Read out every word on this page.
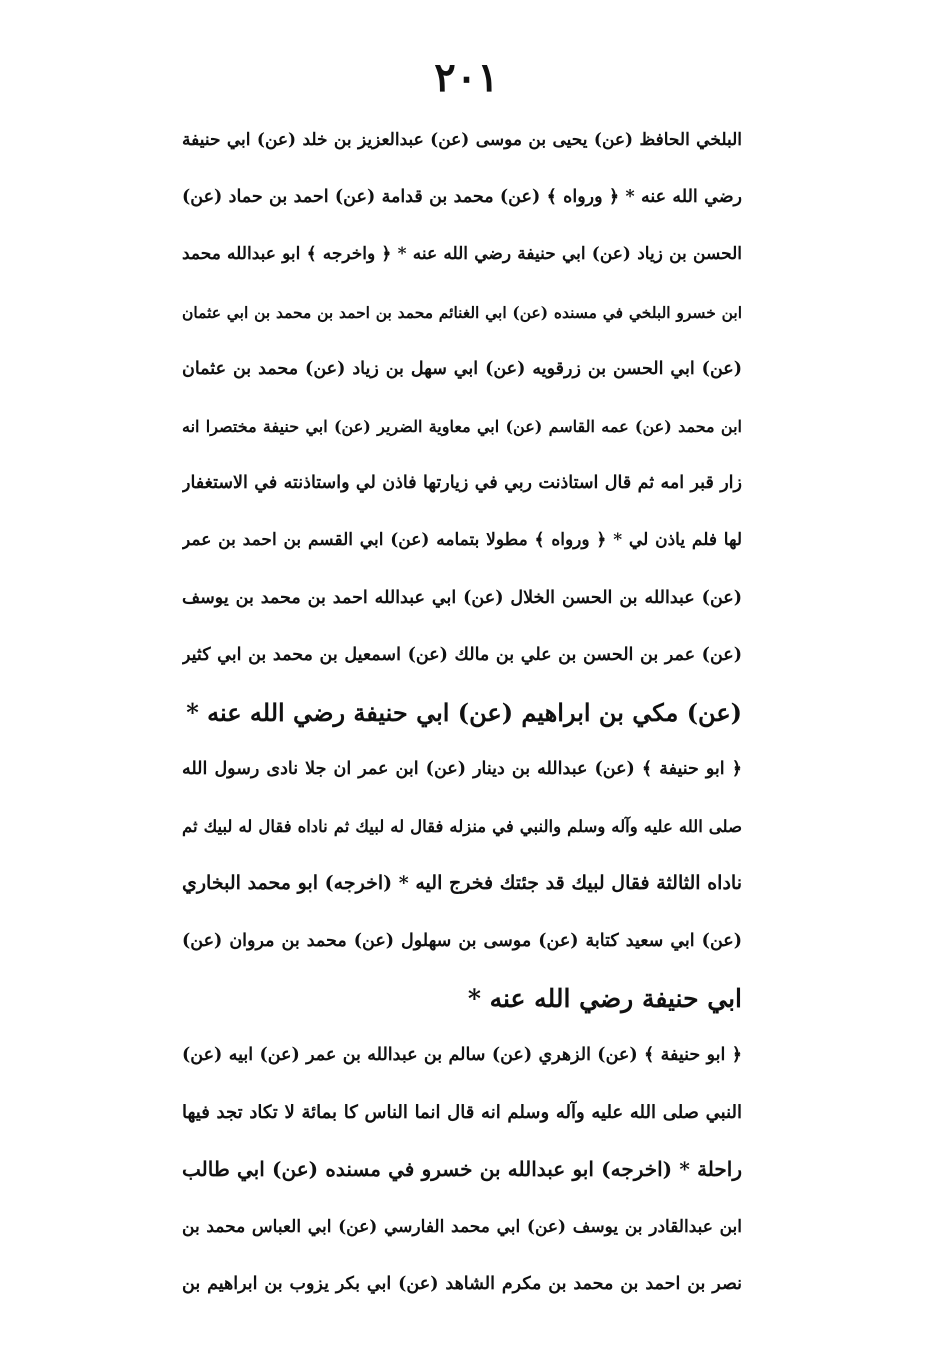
٢٠١
البلخي الحافظ (عن) يحيى بن موسى (عن) عبدالعزيز بن خلد (عن) ابي حنيفة
رضي الله عنه * ﴿ ورواه ﴾ (عن) محمد بن قدامة (عن) احمد بن حماد (عن)
الحسن بن زياد (عن) ابي حنيفة رضي الله عنه * ﴿ واخرجه ﴾ ابو عبدالله محمد
ابن خسرو البلخي في مسنده (عن) ابي الغنائم محمد بن احمد بن محمد بن ابي عثمان
(عن) ابي الحسن بن زرقويه (عن) ابي سهل بن زياد (عن) محمد بن عثمان
ابن محمد (عن) عمه القاسم (عن) ابي معاوية الضرير (عن) ابي حنيفة مختصرا انه
زار قبر امه ثم قال استاذنت ربي في زيارتها فاذن لي واستاذنته في الاستغفار
لها فلم ياذن لي * ﴿ ورواه ﴾ مطولا بتمامه (عن) ابي القسم بن احمد بن عمر
(عن) عبدالله بن الحسن الخلال (عن) ابي عبدالله احمد بن محمد بن يوسف
(عن) عمر بن الحسن بن علي بن مالك (عن) اسمعيل بن محمد بن ابي كثير
(عن) مكي بن ابراهيم (عن) ابي حنيفة رضي الله عنه *
﴿ ابو حنيفة ﴾ (عن) عبدالله بن دينار (عن) ابن عمر ان جلا نادى رسول الله
صلى الله عليه وآله وسلم والنبي في منزله فقال له لبيك ثم ناداه فقال له لبيك ثم
ناداه الثالثة فقال لبيك قد جئتك فخرج اليه * (اخرجه) ابو محمد البخاري
(عن) ابي سعيد كتابة (عن) موسى بن سهلول (عن) محمد بن مروان (عن)
ابي حنيفة رضي الله عنه *
﴿ ابو حنيفة ﴾ (عن) الزهري (عن) سالم بن عبدالله بن عمر (عن) ابيه (عن)
النبي صلى الله عليه وآله وسلم انه قال انما الناس كا بمائة لا تكاد تجد فيها
راحلة * (اخرجه) ابو عبدالله بن خسرو في مسنده (عن) ابي طالب
ابن عبدالقادر بن يوسف (عن) ابي محمد الفارسي (عن) ابي العباس محمد بن
نصر بن احمد بن محمد بن مكرم الشاهد (عن) ابي بكر يزوب بن ابراهيم بن
